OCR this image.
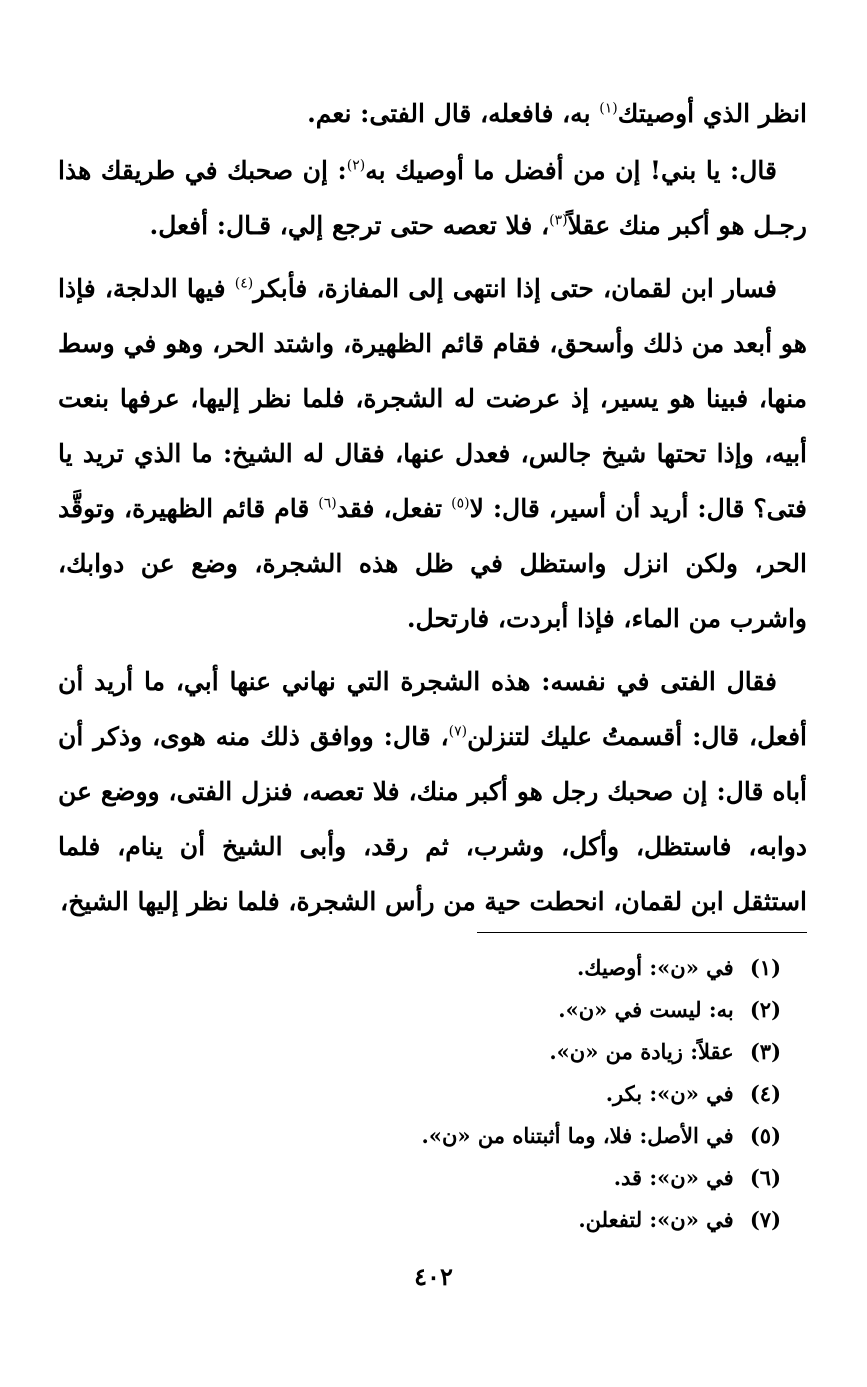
انظر الذي أوصيتك$^{(١)}$ به، فافعله، قال الفتى: نعم.

قال: يا بني! إن من أفضل ما أوصيك به$^{(٢)}$: إن صحبك في طريقك هذا رجـل هو أكبر منك عقلاً$^{(٣)}$، فلا تعصه حتى ترجع إلي، قـال: أفعل.

فسار ابن لقمان، حتى إذا انتهى إلى المفازة، فأبكر$^{(٤)}$ فيها الدلجة، فإذا هو أبعد من ذلك وأسحق، فقام قائم الظهيرة، واشتد الحر، وهو في وسط منها، فبينا هو يسير، إذ عرضت له الشجرة، فلما نظر إليها، عرفها بنعت أبيه، وإذا تحتها شيخ جالس، فعدل عنها، فقال له الشيخ: ما الذي تريد يا فتى؟ قال: أريد أن أسير، قال: لا$^{(٥)}$ تفعل، فقد$^{(٦)}$ قام قائم الظهيرة، وتوقَّد الحر، ولكن انزل واستظل في ظل هذه الشجرة، وضع عن دوابك، واشرب من الماء، فإذا أبردت، فارتحل.

فقال الفتى في نفسه: هذه الشجرة التي نهاني عنها أبي، ما أريد أن أفعل، قال: أقسمتُ عليك لتنزلن$^{(٧)}$، قال: ووافق ذلك منه هوى، وذكر أن أباه قال: إن صحبك رجل هو أكبر منك، فلا تعصه، فنزل الفتى، ووضع عن دوابه، فاستظل، وأكل، وشرب، ثم رقد، وأبى الشيخ أن ينام، فلما استثقل ابن لقمان، انحطت حية من رأس الشجرة، فلما نظر إليها الشيخ،

(١) في «ن»: أوصيك.
(٢) به: ليست في «ن».
(٣) عقلاً: زيادة من «ن».
(٤) في «ن»: بكر.
(٥) في الأصل: فلا، وما أثبتناه من «ن».
(٦) في «ن»: قد.
(٧) في «ن»: لتفعلن.
٤٠٢
